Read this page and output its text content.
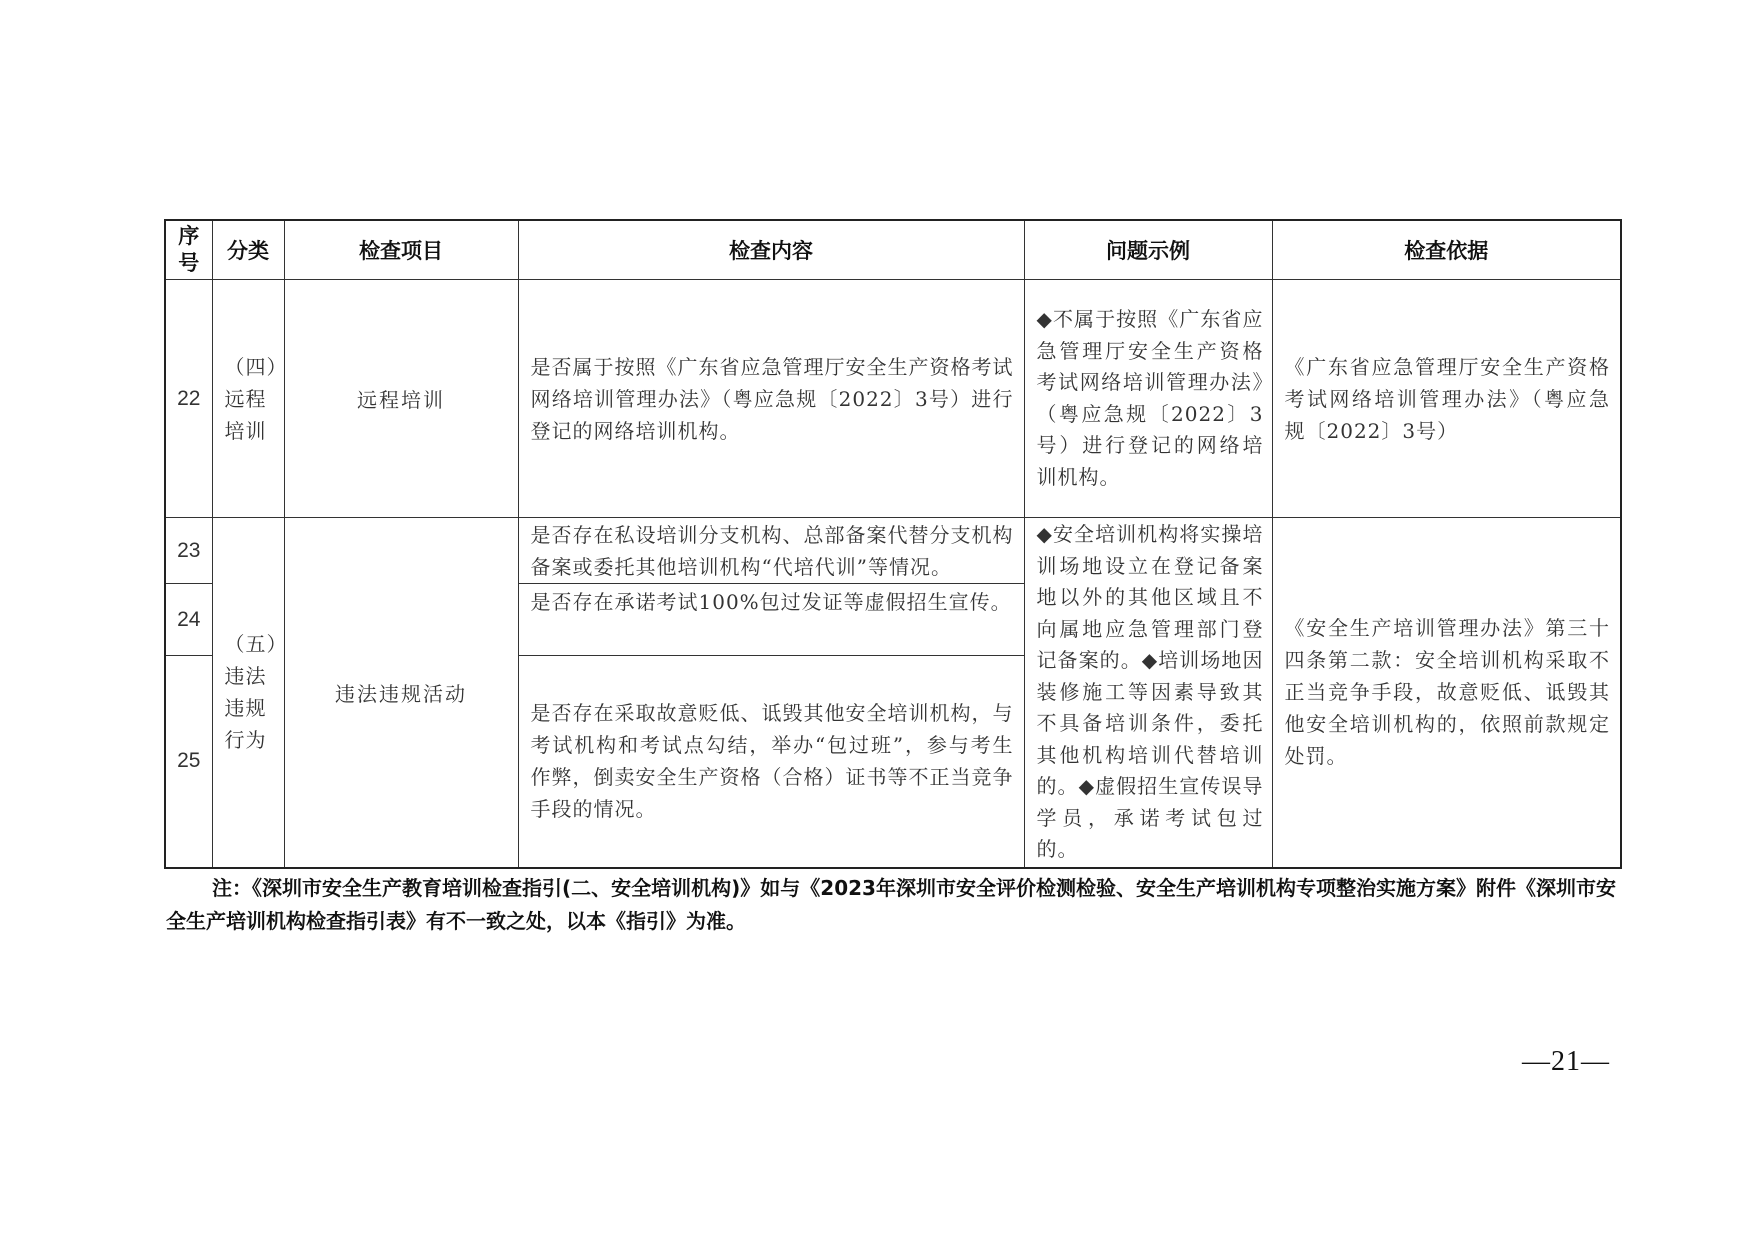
序号	分类	检查项目	检查内容	问题示例	检查依据
22	（四）远程培训	远程培训	是否属于按照《广东省应急管理厅安全生产资格考试网络培训管理办法》（粤应急规〔2022〕3号）进行登记的网络培训机构。	◆不属于按照《广东省应急管理厅安全生产资格考试网络培训管理办法》（粤应急规〔2022〕3号）进行登记的网络培训机构。	《广东省应急管理厅安全生产资格考试网络培训管理办法》（粤应急规〔2022〕3号）
23	（五）违法违规行为	违法违规活动	是否存在私设培训分支机构、总部备案代替分支机构备案或委托其他培训机构“代培代训”等情况。	◆安全培训机构将实操培训场地设立在登记备案地以外的其他区域且不向属地应急管理部门登记备案的。◆培训场地因装修施工等因素导致其不具备培训条件，委托其他机构培训代替培训的。◆虚假招生宣传误导学员，承诺考试包过的。	《安全生产培训管理办法》第三十四条第二款：安全培训机构采取不正当竞争手段，故意贬低、诋毁其他安全培训机构的，依照前款规定处罚。
24			是否存在承诺考试100%包过发证等虚假招生宣传。		
25			是否存在采取故意贬低、诋毁其他安全培训机构，与考试机构和考试点勾结，举办“包过班”，参与考生作弊，倒卖安全生产资格（合格）证书等不正当竞争手段的情况。		
注：《深圳市安全生产教育培训检查指引(二、安全培训机构)》如与《2023年深圳市安全评价检测检验、安全生产培训机构专项整治实施方案》附件《深圳市安全生产培训机构检查指引表》有不一致之处，以本《指引》为准。
—21—
